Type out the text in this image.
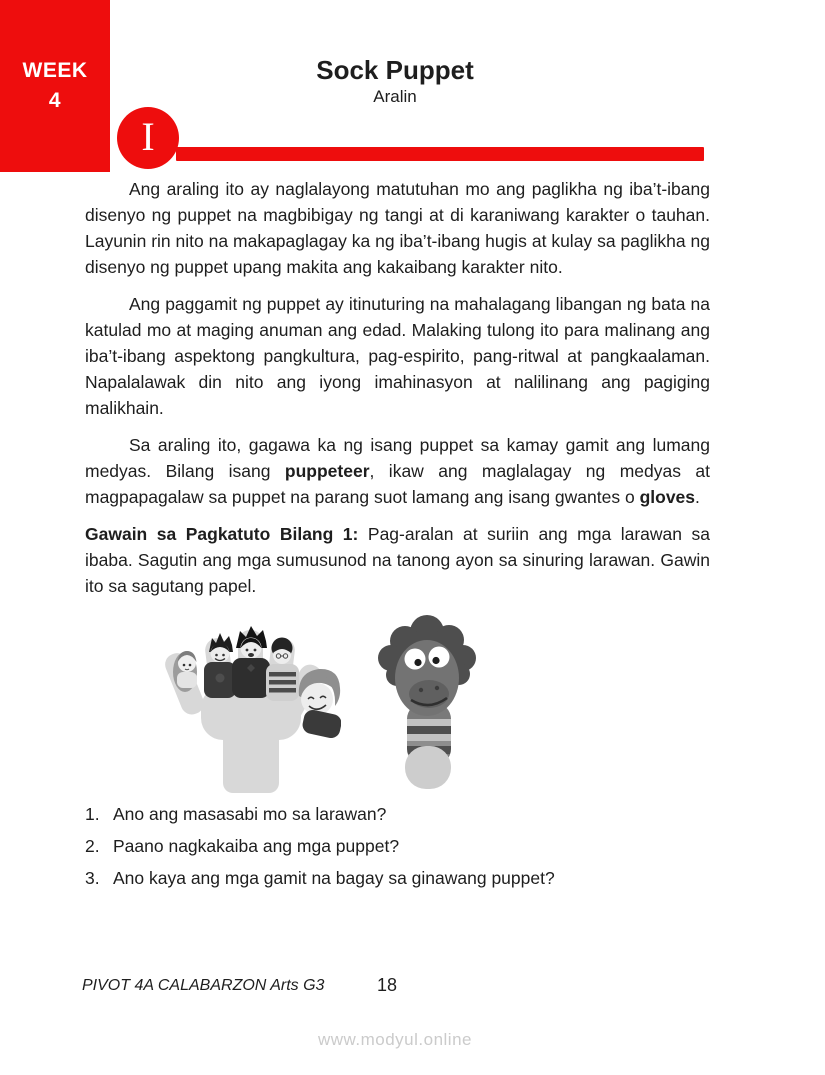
WEEK
4
Sock Puppet
Aralin
I

Ang araling ito ay naglalayong matutuhan mo ang paglikha ng iba’t-ibang disenyo ng puppet na magbibigay ng tangi at di karaniwang karakter o tauhan. Layunin rin nito na makapaglagay ka ng iba’t-ibang hugis at kulay sa paglikha ng disenyo ng puppet upang makita ang kakaibang karakter nito.

Ang paggamit ng puppet ay itinuturing na mahalagang libangan ng bata na katulad mo at maging anuman ang edad. Malaking tulong ito para malinang ang iba’t-ibang aspektong pangkultura, pag-espirito, pang-ritwal at pangkaalaman. Napalalawak din nito ang iyong imahinasyon at nalilinang ang pagiging malikhain.

Sa araling ito, gagawa ka ng isang puppet sa kamay gamit ang lumang medyas. Bilang isang puppeteer, ikaw ang maglalagay ng medyas at magpapagalaw sa puppet na parang suot lamang ang isang gwantes o gloves.

Gawain sa Pagkatuto Bilang 1: Pag-aralan at suriin ang mga larawan sa ibaba. Sagutin ang mga sumusunod na tanong ayon sa sinuring larawan. Gawin ito sa sagutang papel.

1. Ano ang masasabi mo sa larawan?
2. Paano nagkakaiba ang mga puppet?
3. Ano kaya ang mga gamit na bagay sa ginawang puppet?
PIVOT 4A CALABARZON Arts G3	18
www.modyul.online
